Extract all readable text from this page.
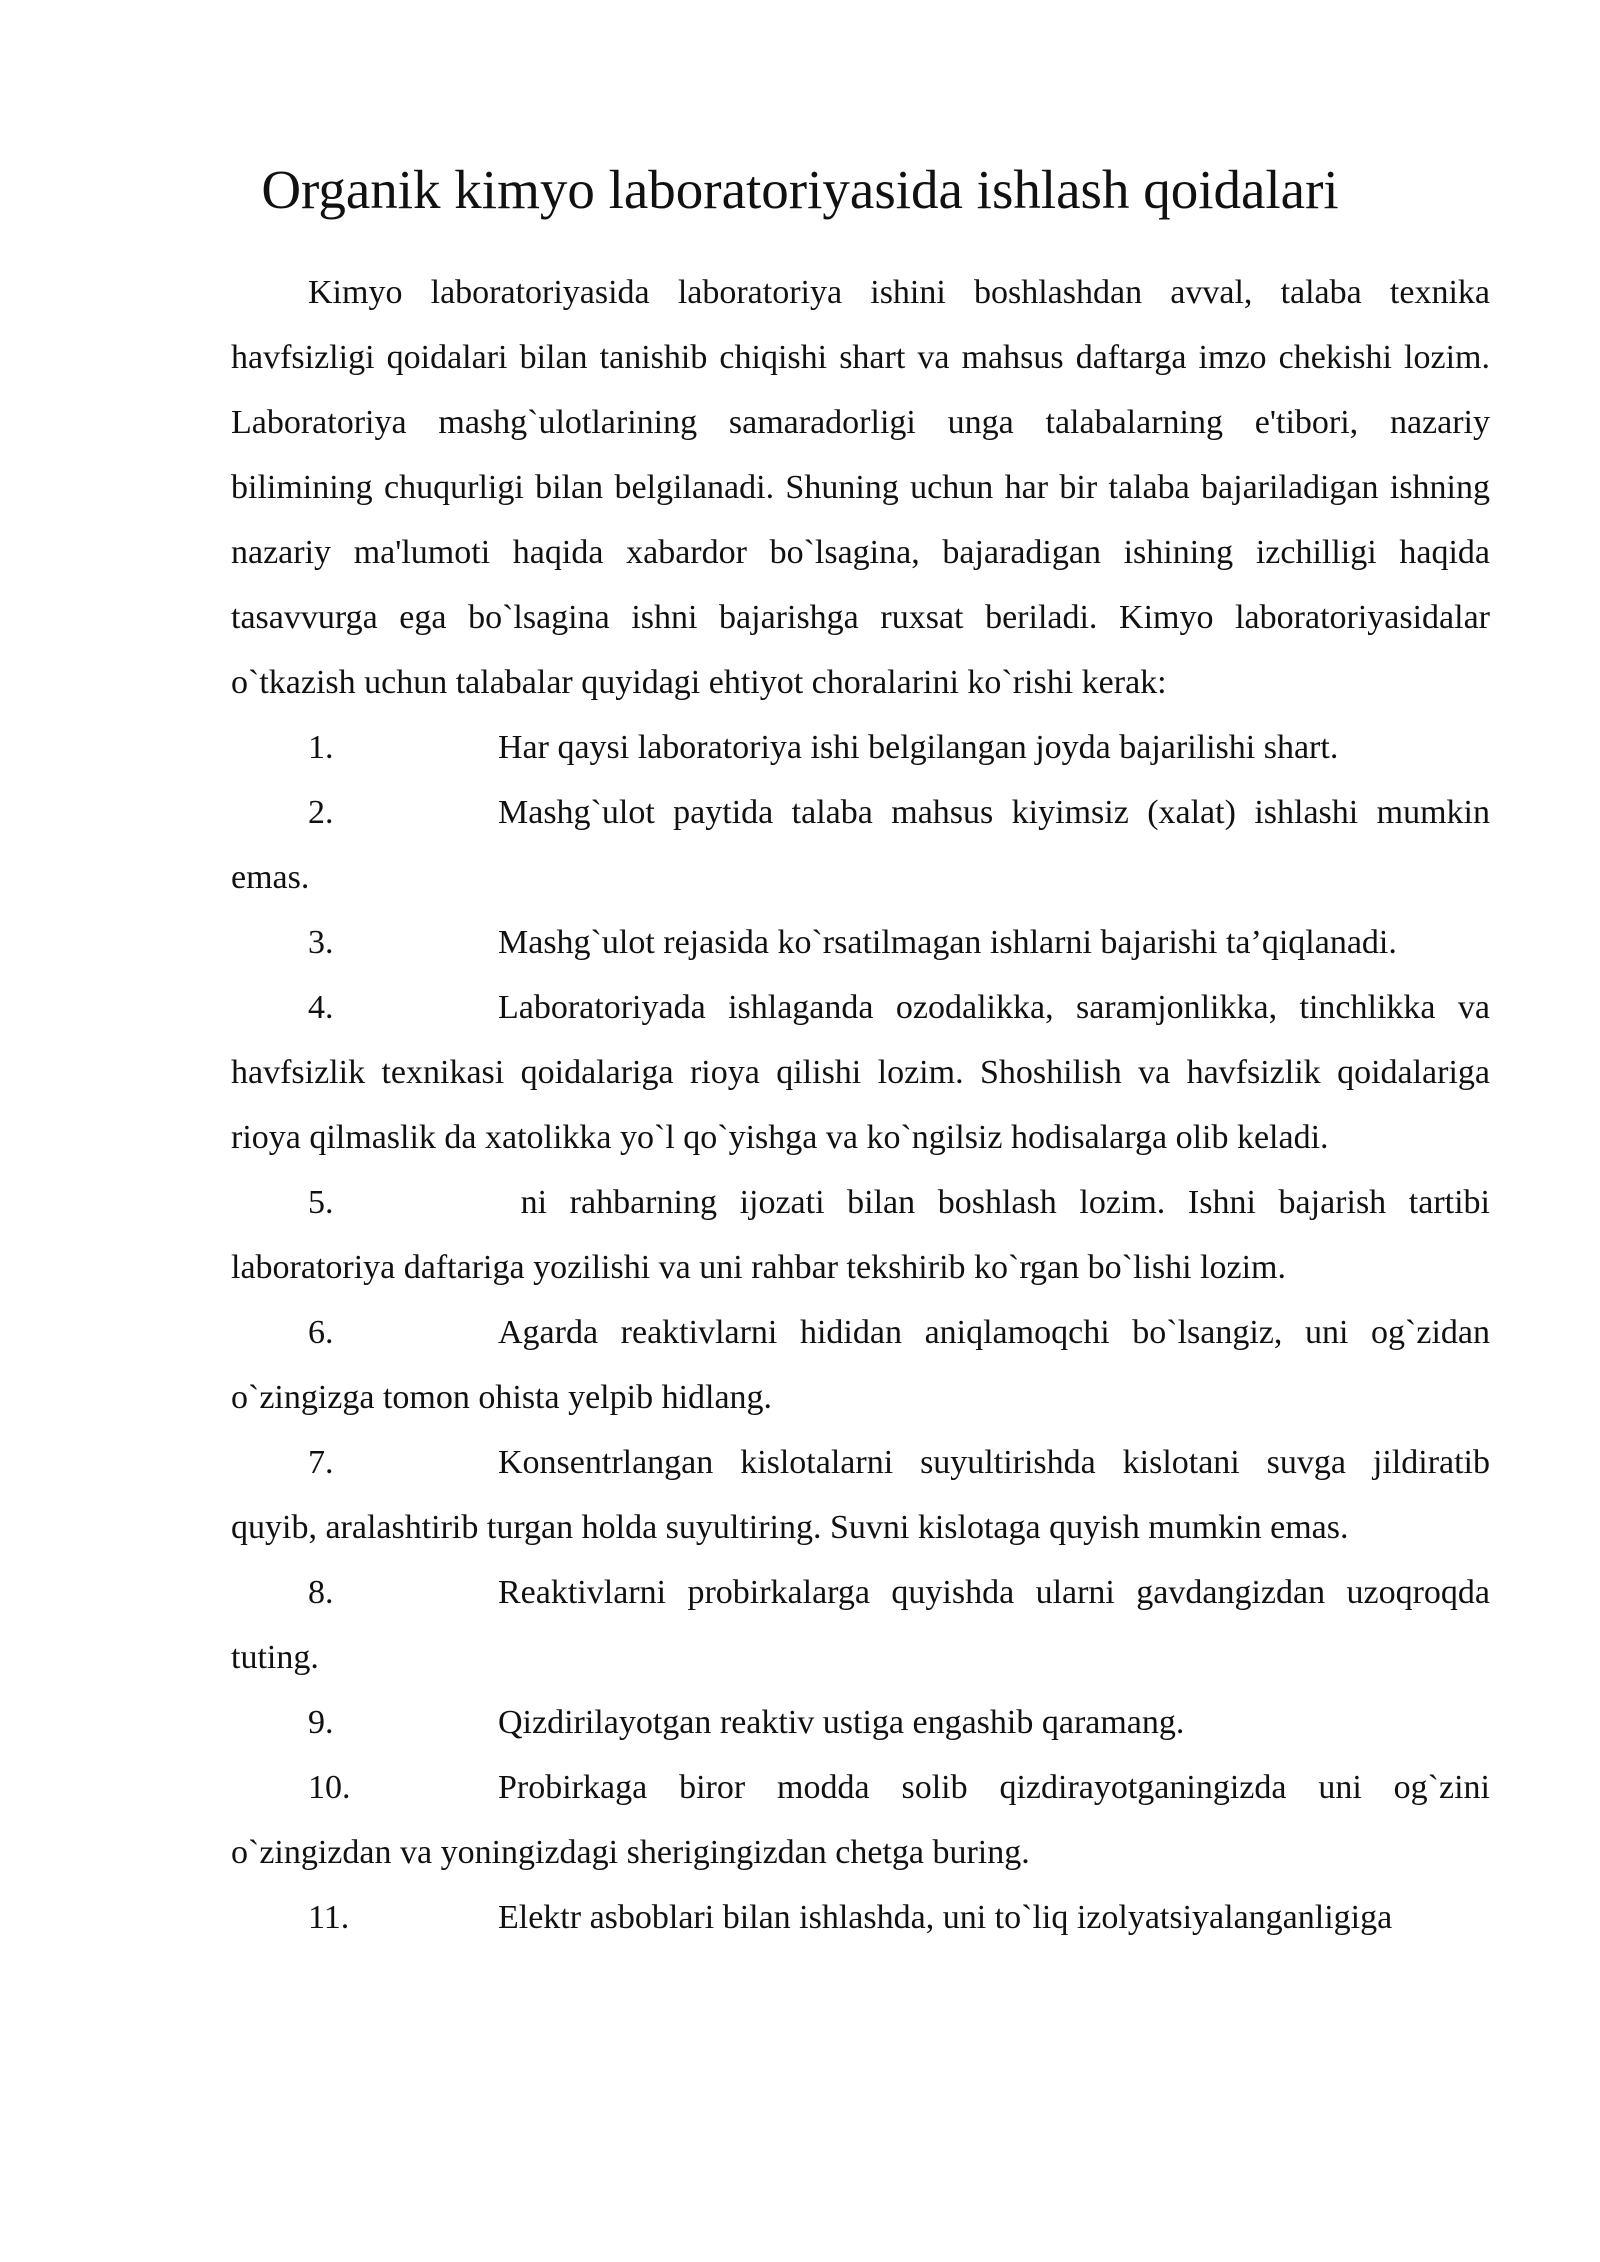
Organik kimyo laboratoriyasida ishlash qoidalari

Kimyo laboratoriyasida laboratoriya ishini boshlashdan avval, talaba texnika havfsizligi qoidalari bilan tanishib chiqishi shart va mahsus daftarga imzo chekishi lozim. Laboratoriya mashg`ulotlarining samaradorligi unga talabalarning e'tibori, nazariy bilimining chuqurligi bilan belgilanadi. Shuning uchun har bir talaba bajariladigan ishning nazariy ma'lumoti haqida xabardor bo`lsagina, bajaradigan ishining izchilligi haqida tasavvurga ega bo`lsagina ishni bajarishga ruxsat beriladi. Kimyo laboratoriyasidalar o`tkazish uchun talabalar quyidagi ehtiyot choralarini ko`rishi kerak:

1.	Har qaysi laboratoriya ishi belgilangan joyda bajarilishi shart.

2.	Mashg`ulot paytida talaba mahsus kiyimsiz (xalat) ishlashi mumkin emas.

3.	Mashg`ulot rejasida ko`rsatilmagan ishlarni bajarishi ta’qiqlanadi.

4.	Laboratoriyada ishlaganda ozodalikka, saramjonlikka, tinchlikka va havfsizlik texnikasi qoidalariga rioya qilishi lozim. Shoshilish va havfsizlik qoidalariga rioya qilmaslik da xatolikka yo`l qo`yishga va ko`ngilsiz hodisalarga olib keladi.

5.	ni rahbarning ijozati bilan boshlash lozim. Ishni bajarish tartibi laboratoriya daftariga yozilishi va uni rahbar tekshirib ko`rgan bo`lishi lozim.

6.	Agarda reaktivlarni hididan aniqlamoqchi bo`lsangiz, uni og`zidan o`zingizga tomon ohista yelpib hidlang.

7.	Konsentrlangan kislotalarni suyultirishda kislotani suvga jildiratib quyib, aralashtirib turgan holda suyultiring. Suvni kislotaga quyish mumkin emas.

8.	Reaktivlarni probirkalarga quyishda ularni gavdangizdan uzoqroqda tuting.

9.	Qizdirilayotgan reaktiv ustiga engashib qaramang.

10.	Probirkaga biror modda solib qizdirayotganingizda uni og`zini o`zingizdan va yoningizdagi sherigingizdan chetga buring.

11.	Elektr asboblari bilan ishlashda, uni to`liq izolyatsiyalanganligiga
